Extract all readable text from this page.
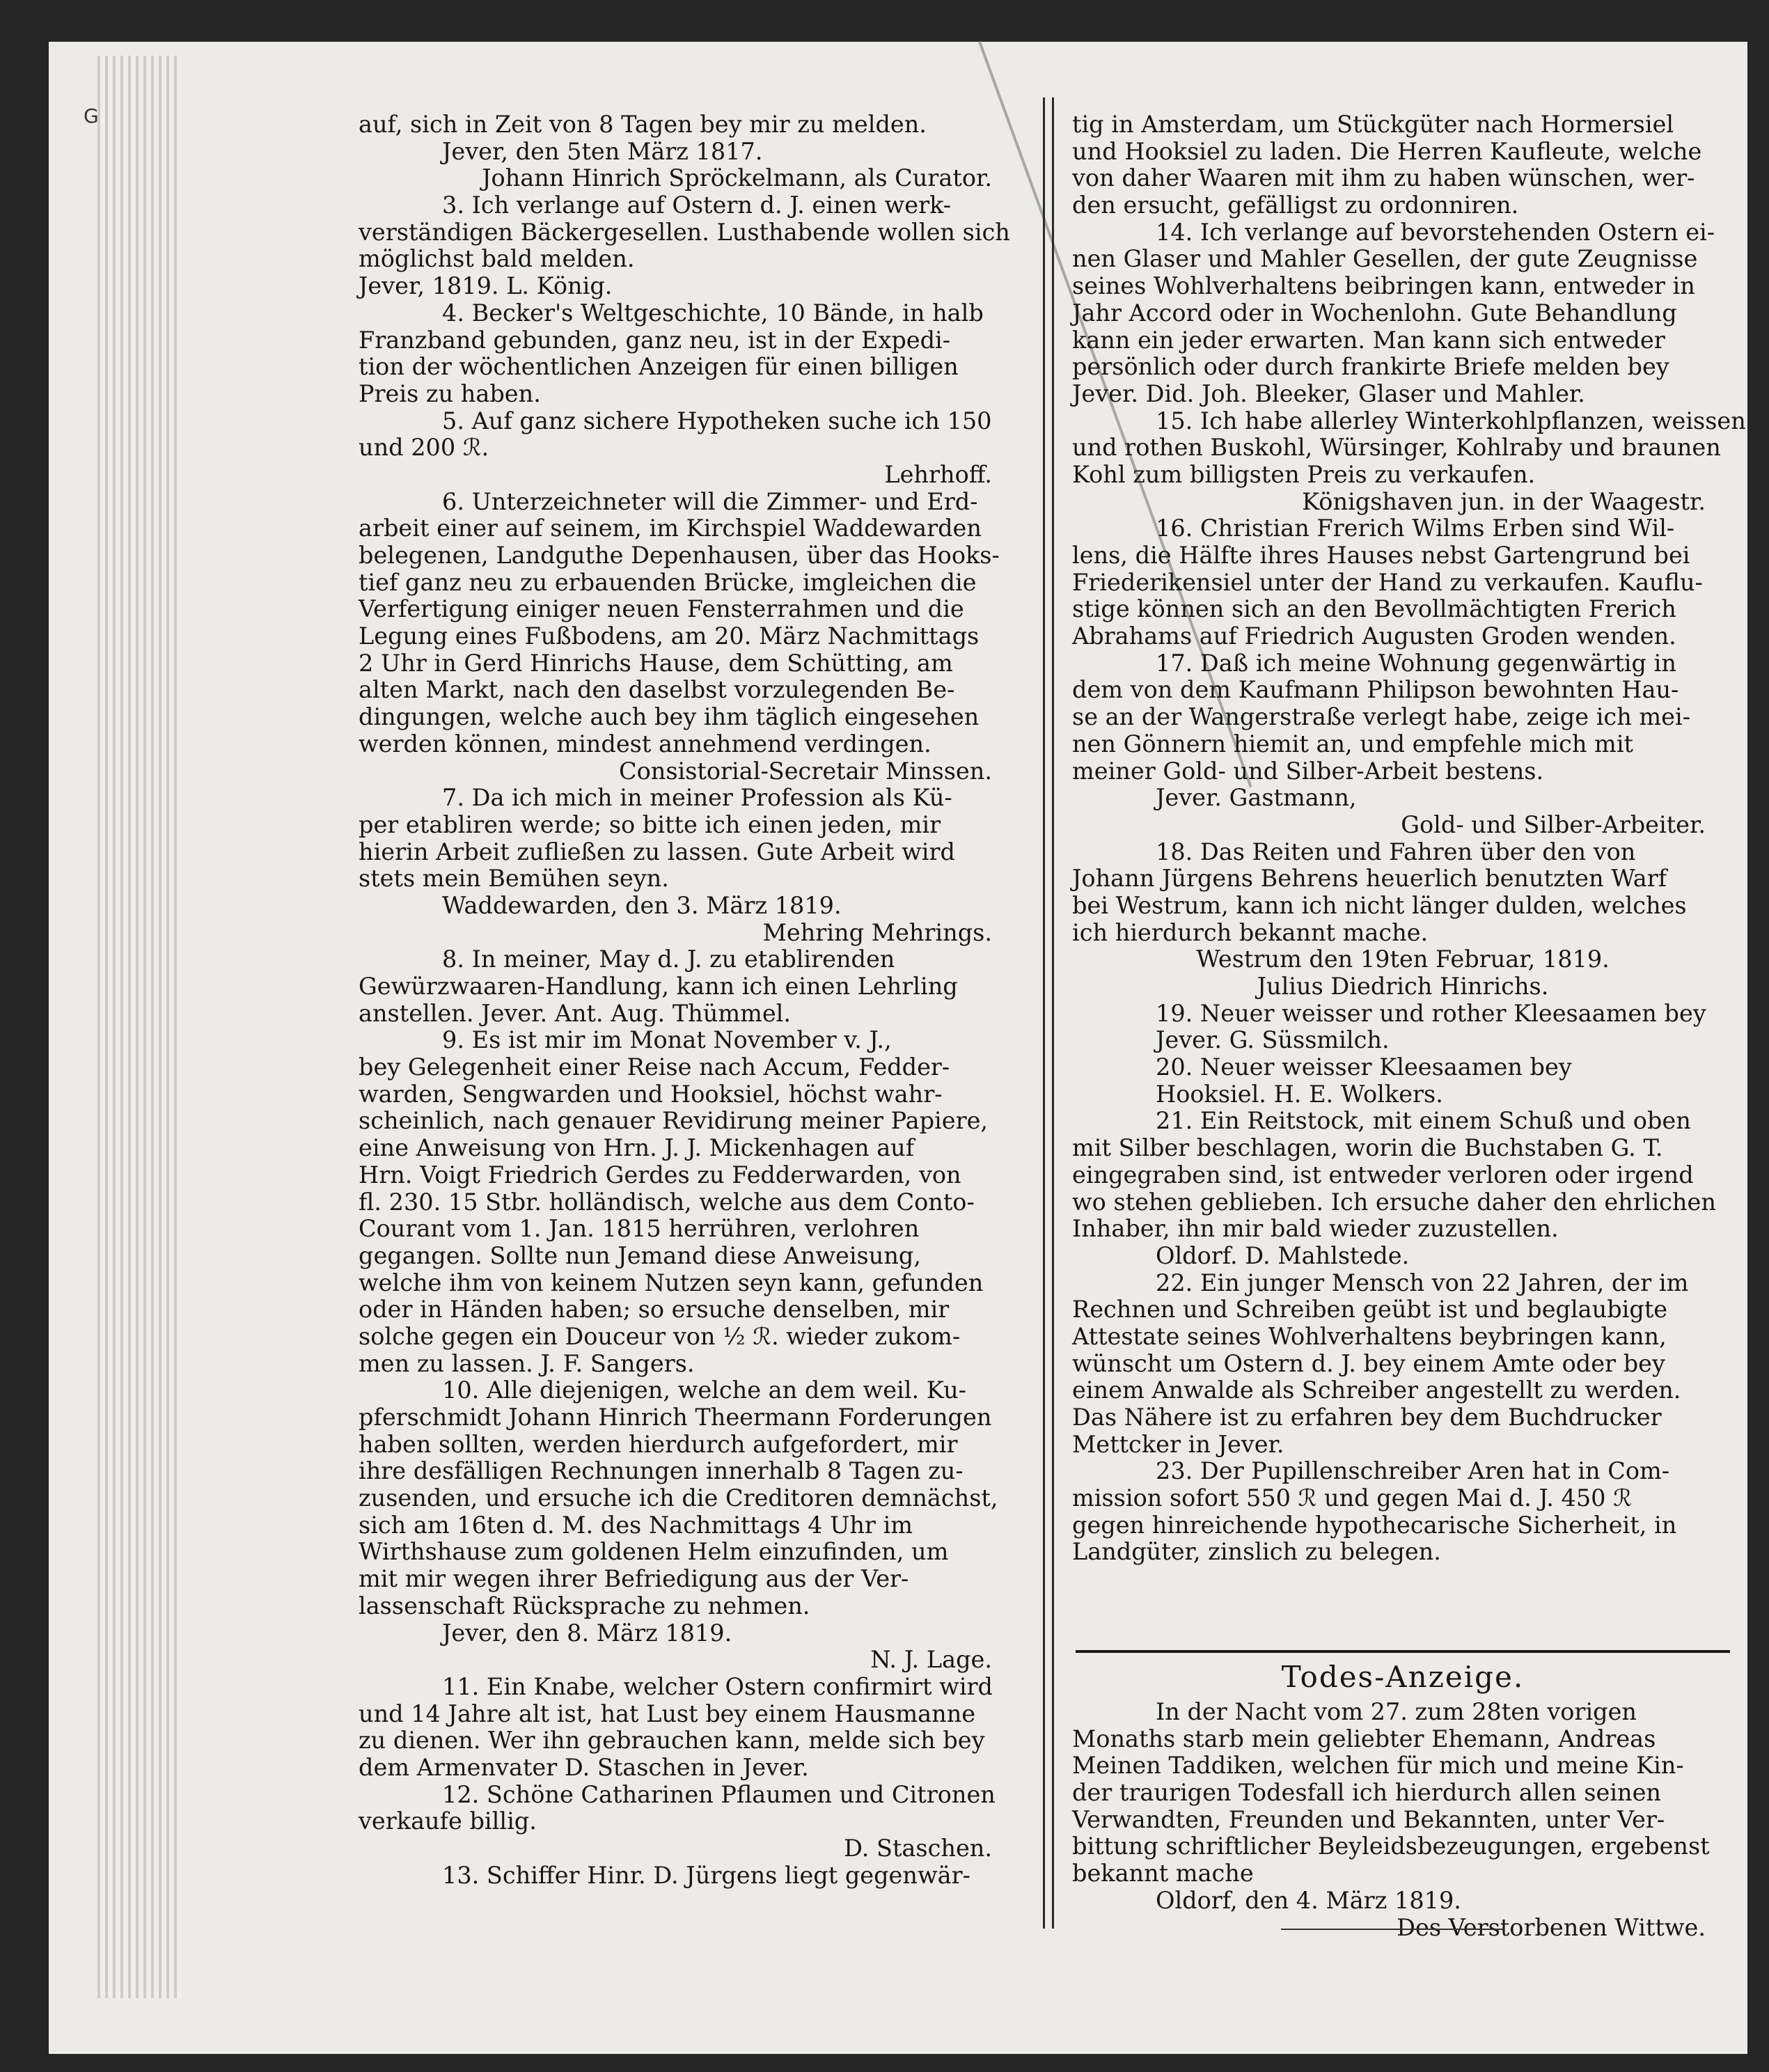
G	auf, sich in Zeit von 8 Tagen bey mir zu melden.
Jever, den 5ten März 1817.
Johann Hinrich Spröckelmann, als Curator.
3. Ich verlange auf Ostern d. J. einen werk-
verständigen Bäckergesellen. Lusthabende wollen sich
möglichst bald melden.
Jever, 1819. L. König.
4. Becker's Weltgeschichte, 10 Bände, in halb
Franzband gebunden, ganz neu, ist in der Expedi-
tion der wöchentlichen Anzeigen für einen billigen
Preis zu haben.
5. Auf ganz sichere Hypotheken suche ich 150
und 200 ℛ.
Lehrhoff.
6. Unterzeichneter will die Zimmer- und Erd-
arbeit einer auf seinem, im Kirchspiel Waddewarden
belegenen, Landguthe Depenhausen, über das Hooks-
tief ganz neu zu erbauenden Brücke, imgleichen die
Verfertigung einiger neuen Fensterrahmen und die
Legung eines Fußbodens, am 20. März Nachmittags
2 Uhr in Gerd Hinrichs Hause, dem Schütting, am
alten Markt, nach den daselbst vorzulegenden Be-
dingungen, welche auch bey ihm täglich eingesehen
werden können, mindest annehmend verdingen.
Consistorial-Secretair Minssen.
7. Da ich mich in meiner Profession als Kü-
per etabliren werde; so bitte ich einen jeden, mir
hierin Arbeit zufließen zu lassen. Gute Arbeit wird
stets mein Bemühen seyn.
Waddewarden, den 3. März 1819.
Mehring Mehrings.
8. In meiner, May d. J. zu etablirenden
Gewürzwaaren-Handlung, kann ich einen Lehrling
anstellen. Jever. Ant. Aug. Thümmel.
9. Es ist mir im Monat November v. J.,
bey Gelegenheit einer Reise nach Accum, Fedder-
warden, Sengwarden und Hooksiel, höchst wahr-
scheinlich, nach genauer Revidirung meiner Papiere,
eine Anweisung von Hrn. J. J. Mickenhagen auf
Hrn. Voigt Friedrich Gerdes zu Fedderwarden, von
fl. 230. 15 Stbr. holländisch, welche aus dem Conto-
Courant vom 1. Jan. 1815 herrühren, verlohren
gegangen. Sollte nun Jemand diese Anweisung,
welche ihm von keinem Nutzen seyn kann, gefunden
oder in Händen haben; so ersuche denselben, mir
solche gegen ein Douceur von ½ ℛ. wieder zukom-
men zu lassen. J. F. Sangers.
10. Alle diejenigen, welche an dem weil. Ku-
pferschmidt Johann Hinrich Theermann Forderungen
haben sollten, werden hierdurch aufgefordert, mir
ihre desfälligen Rechnungen innerhalb 8 Tagen zu-
zusenden, und ersuche ich die Creditoren demnächst,
sich am 16ten d. M. des Nachmittags 4 Uhr im
Wirthshause zum goldenen Helm einzufinden, um
mit mir wegen ihrer Befriedigung aus der Ver-
lassenschaft Rücksprache zu nehmen.
Jever, den 8. März 1819.
N. J. Lage.
11. Ein Knabe, welcher Ostern confirmirt wird
und 14 Jahre alt ist, hat Lust bey einem Hausmanne
zu dienen. Wer ihn gebrauchen kann, melde sich bey
dem Armenvater D. Staschen in Jever.
12. Schöne Catharinen Pflaumen und Citronen
verkaufe billig.
D. Staschen.
13. Schiffer Hinr. D. Jürgens liegt gegenwär-
tig in Amsterdam, um Stückgüter nach Hormersiel
und Hooksiel zu laden. Die Herren Kaufleute, welche
von daher Waaren mit ihm zu haben wünschen, wer-
den ersucht, gefälligst zu ordonniren.
14. Ich verlange auf bevorstehenden Ostern ei-
nen Glaser und Mahler Gesellen, der gute Zeugnisse
seines Wohlverhaltens beibringen kann, entweder in
Jahr Accord oder in Wochenlohn. Gute Behandlung
kann ein jeder erwarten. Man kann sich entweder
persönlich oder durch frankirte Briefe melden bey
Jever. Did. Joh. Bleeker, Glaser und Mahler.
15. Ich habe allerley Winterkohlpflanzen, weissen
und rothen Buskohl, Würsinger, Kohlraby und braunen
Kohl zum billigsten Preis zu verkaufen.
Königshaven jun. in der Waagestr.
16. Christian Frerich Wilms Erben sind Wil-
lens, die Hälfte ihres Hauses nebst Gartengrund bei
Friederikensiel unter der Hand zu verkaufen. Kauflu-
stige können sich an den Bevollmächtigten Frerich
Abrahams auf Friedrich Augusten Groden wenden.
17. Daß ich meine Wohnung gegenwärtig in
dem von dem Kaufmann Philipson bewohnten Hau-
se an der Wangerstraße verlegt habe, zeige ich mei-
nen Gönnern hiemit an, und empfehle mich mit
meiner Gold- und Silber-Arbeit bestens.
Jever. Gastmann,
Gold- und Silber-Arbeiter.
18. Das Reiten und Fahren über den von
Johann Jürgens Behrens heuerlich benutzten Warf
bei Westrum, kann ich nicht länger dulden, welches
ich hierdurch bekannt mache.
Westrum den 19ten Februar, 1819.
Julius Diedrich Hinrichs.
19. Neuer weisser und rother Kleesaamen bey
Jever. G. Süssmilch.
20. Neuer weisser Kleesaamen bey
Hooksiel. H. E. Wolkers.
21. Ein Reitstock, mit einem Schuß und oben
mit Silber beschlagen, worin die Buchstaben G. T.
eingegraben sind, ist entweder verloren oder irgend
wo stehen geblieben. Ich ersuche daher den ehrlichen
Inhaber, ihn mir bald wieder zuzustellen.
Oldorf. D. Mahlstede.
22. Ein junger Mensch von 22 Jahren, der im
Rechnen und Schreiben geübt ist und beglaubigte
Attestate seines Wohlverhaltens beybringen kann,
wünscht um Ostern d. J. bey einem Amte oder bey
einem Anwalde als Schreiber angestellt zu werden.
Das Nähere ist zu erfahren bey dem Buchdrucker
Mettcker in Jever.
23. Der Pupillenschreiber Aren hat in Com-
mission sofort 550 ℛ und gegen Mai d. J. 450 ℛ
gegen hinreichende hypothecarische Sicherheit, in
Landgüter, zinslich zu belegen.
Todes-Anzeige.
In der Nacht vom 27. zum 28ten vorigen
Monaths starb mein geliebter Ehemann, Andreas
Meinen Taddiken, welchen für mich und meine Kin-
der traurigen Todesfall ich hierdurch allen seinen
Verwandten, Freunden und Bekannten, unter Ver-
bittung schriftlicher Beyleidsbezeugungen, ergebenst
bekannt mache
Oldorf, den 4. März 1819.
Des Verstorbenen Wittwe.
